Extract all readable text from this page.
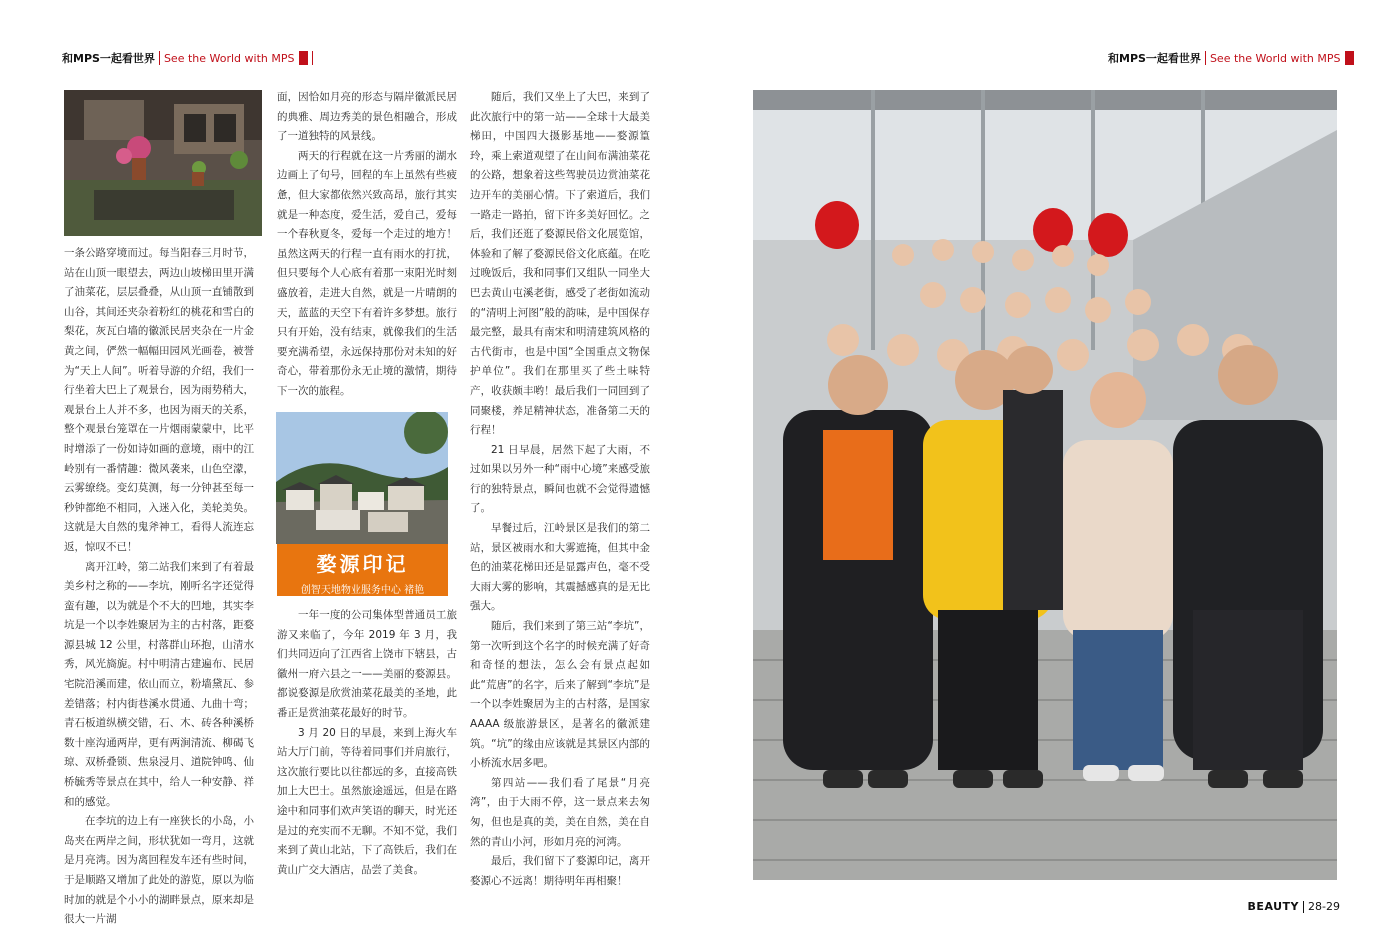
和MPS一起看世界 See the World with MPS	和MPS一起看世界 See the World with MPS
婺源印记
创智天地物业服务中心 褚艳

一条公路穿境而过。每当阳春三月时节，站在山顶一眼望去，两边山坡梯田里开满了油菜花，层层叠叠，从山顶一直铺散到山谷，其间还夹杂着粉红的桃花和雪白的梨花，灰瓦白墙的徽派民居夹杂在一片金黄之间，俨然一幅幅田园风光画卷，被誉为“天上人间”。听着导游的介绍，我们一行坐着大巴上了观景台，因为雨势稍大，观景台上人并不多，也因为雨天的关系，整个观景台笼罩在一片烟雨蒙蒙中，比平时增添了一份如诗如画的意境，雨中的江岭别有一番情趣：微风袭来，山色空濛，云雾缭绕。变幻莫测，每一分钟甚至每一秒钟都绝不相同，入迷入化，美轮美奂。这就是大自然的鬼斧神工，看得人流连忘返，惊叹不已！

离开江岭，第二站我们来到了有着最美乡村之称的——李坑，刚听名字还觉得蛮有趣，以为就是个不大的凹地，其实李坑是一个以李姓聚居为主的古村落，距婺源县城 12 公里，村落群山环抱，山清水秀，风光旖旎。村中明清古建遍布、民居宅院沿溪而建，依山而立，粉墙黛瓦、参差错落；村内街巷溪水贯通、九曲十弯；青石板道纵横交错，石、木、砖各种溪桥数十座沟通两岸，更有两涧清流、柳碣飞琼、双桥叠锁、焦泉浸月、道院钟鸣、仙桥毓秀等景点在其中，给人一种安静、祥和的感觉。

在李坑的边上有一座狭长的小岛，小岛夹在两岸之间，形状犹如一弯月，这就是月亮湾。因为离回程发车还有些时间，于是顺路又增加了此处的游览，原以为临时加的就是个小小的湖畔景点，原来却是很大一片湖

面，因恰如月亮的形态与隔岸徽派民居的典雅、周边秀美的景色相融合，形成了一道独特的风景线。

两天的行程就在这一片秀丽的湖水边画上了句号，回程的车上虽然有些疲惫，但大家都依然兴致高昂，旅行其实就是一种态度，爱生活，爱自己，爱每一个春秋夏冬，爱每一个走过的地方！虽然这两天的行程一直有雨水的打扰，但只要每个人心底有着那一束阳光时刻盛放着，走进大自然，就是一片晴朗的天，蓝蓝的天空下有着许多梦想。旅行只有开始，没有结束，就像我们的生活要充满希望，永远保持那份对未知的好奇心，带着那份永无止境的激情，期待下一次的旅程。

一年一度的公司集体型普通员工旅游又来临了，今年 2019 年 3 月，我们共同迈向了江西省上饶市下辖县，古徽州一府六县之一——美丽的婺源县。都说婺源是欣赏油菜花最美的圣地，此番正是赏油菜花最好的时节。

3 月 20 日的早晨，来到上海火车站大厅门前，等待着同事们并肩旅行，这次旅行要比以往都远的多，直接高铁加上大巴士。虽然旅途遥远，但是在路途中和同事们欢声笑语的聊天，时光还是过的充实而不无聊。不知不觉，我们来到了黄山北站，下了高铁后，我们在黄山广交大酒店，品尝了美食。

随后，我们又坐上了大巴，来到了此次旅行中的第一站——全球十大最美梯田，中国四大摄影基地——婺源篁玲，乘上索道观望了在山间布满油菜花的公路，想象着这些驾驶员边赏油菜花边开车的美丽心情。下了索道后，我们一路走一路拍，留下许多美好回忆。之后，我们还逛了婺源民俗文化展览馆，体验和了解了婺源民俗文化底蕴。在吃过晚饭后，我和同事们又组队一同坐大巴去黄山屯溪老街，感受了老街如流动的“清明上河图”般的韵味，是中国保存最完整，最具有南宋和明清建筑风格的古代街市，也是中国“全国重点文物保护单位”。我们在那里买了些土味特产，收获颇丰哟！最后我们一同回到了同聚楼，养足精神状态，准备第二天的行程！

21 日早晨，居然下起了大雨，不过如果以另外一种“雨中心境”来感受旅行的独特景点，瞬间也就不会觉得遗憾了。

早餐过后，江岭景区是我们的第二站，景区被雨水和大雾遮掩，但其中金色的油菜花梯田还是显露声色，毫不受大雨大雾的影响，其震撼感真的是无比强大。

随后，我们来到了第三站“李坑”，第一次听到这个名字的时候充满了好奇和奇怪的想法，怎么会有景点起如此“荒唐”的名字，后来了解到“李坑”是一个以李姓聚居为主的古村落，是国家 AAAA 级旅游景区，是著名的徽派建筑。“坑”的缘由应该就是其景区内部的小桥流水居多吧。

第四站——我们看了尾景“月亮湾”，由于大雨不停，这一景点来去匆匆，但也是真的美，美在自然，美在自然的青山小河，形如月亮的河湾。

最后，我们留下了婺源印记，离开婺源心不远离！期待明年再相聚！

BEAUTY 28-29
